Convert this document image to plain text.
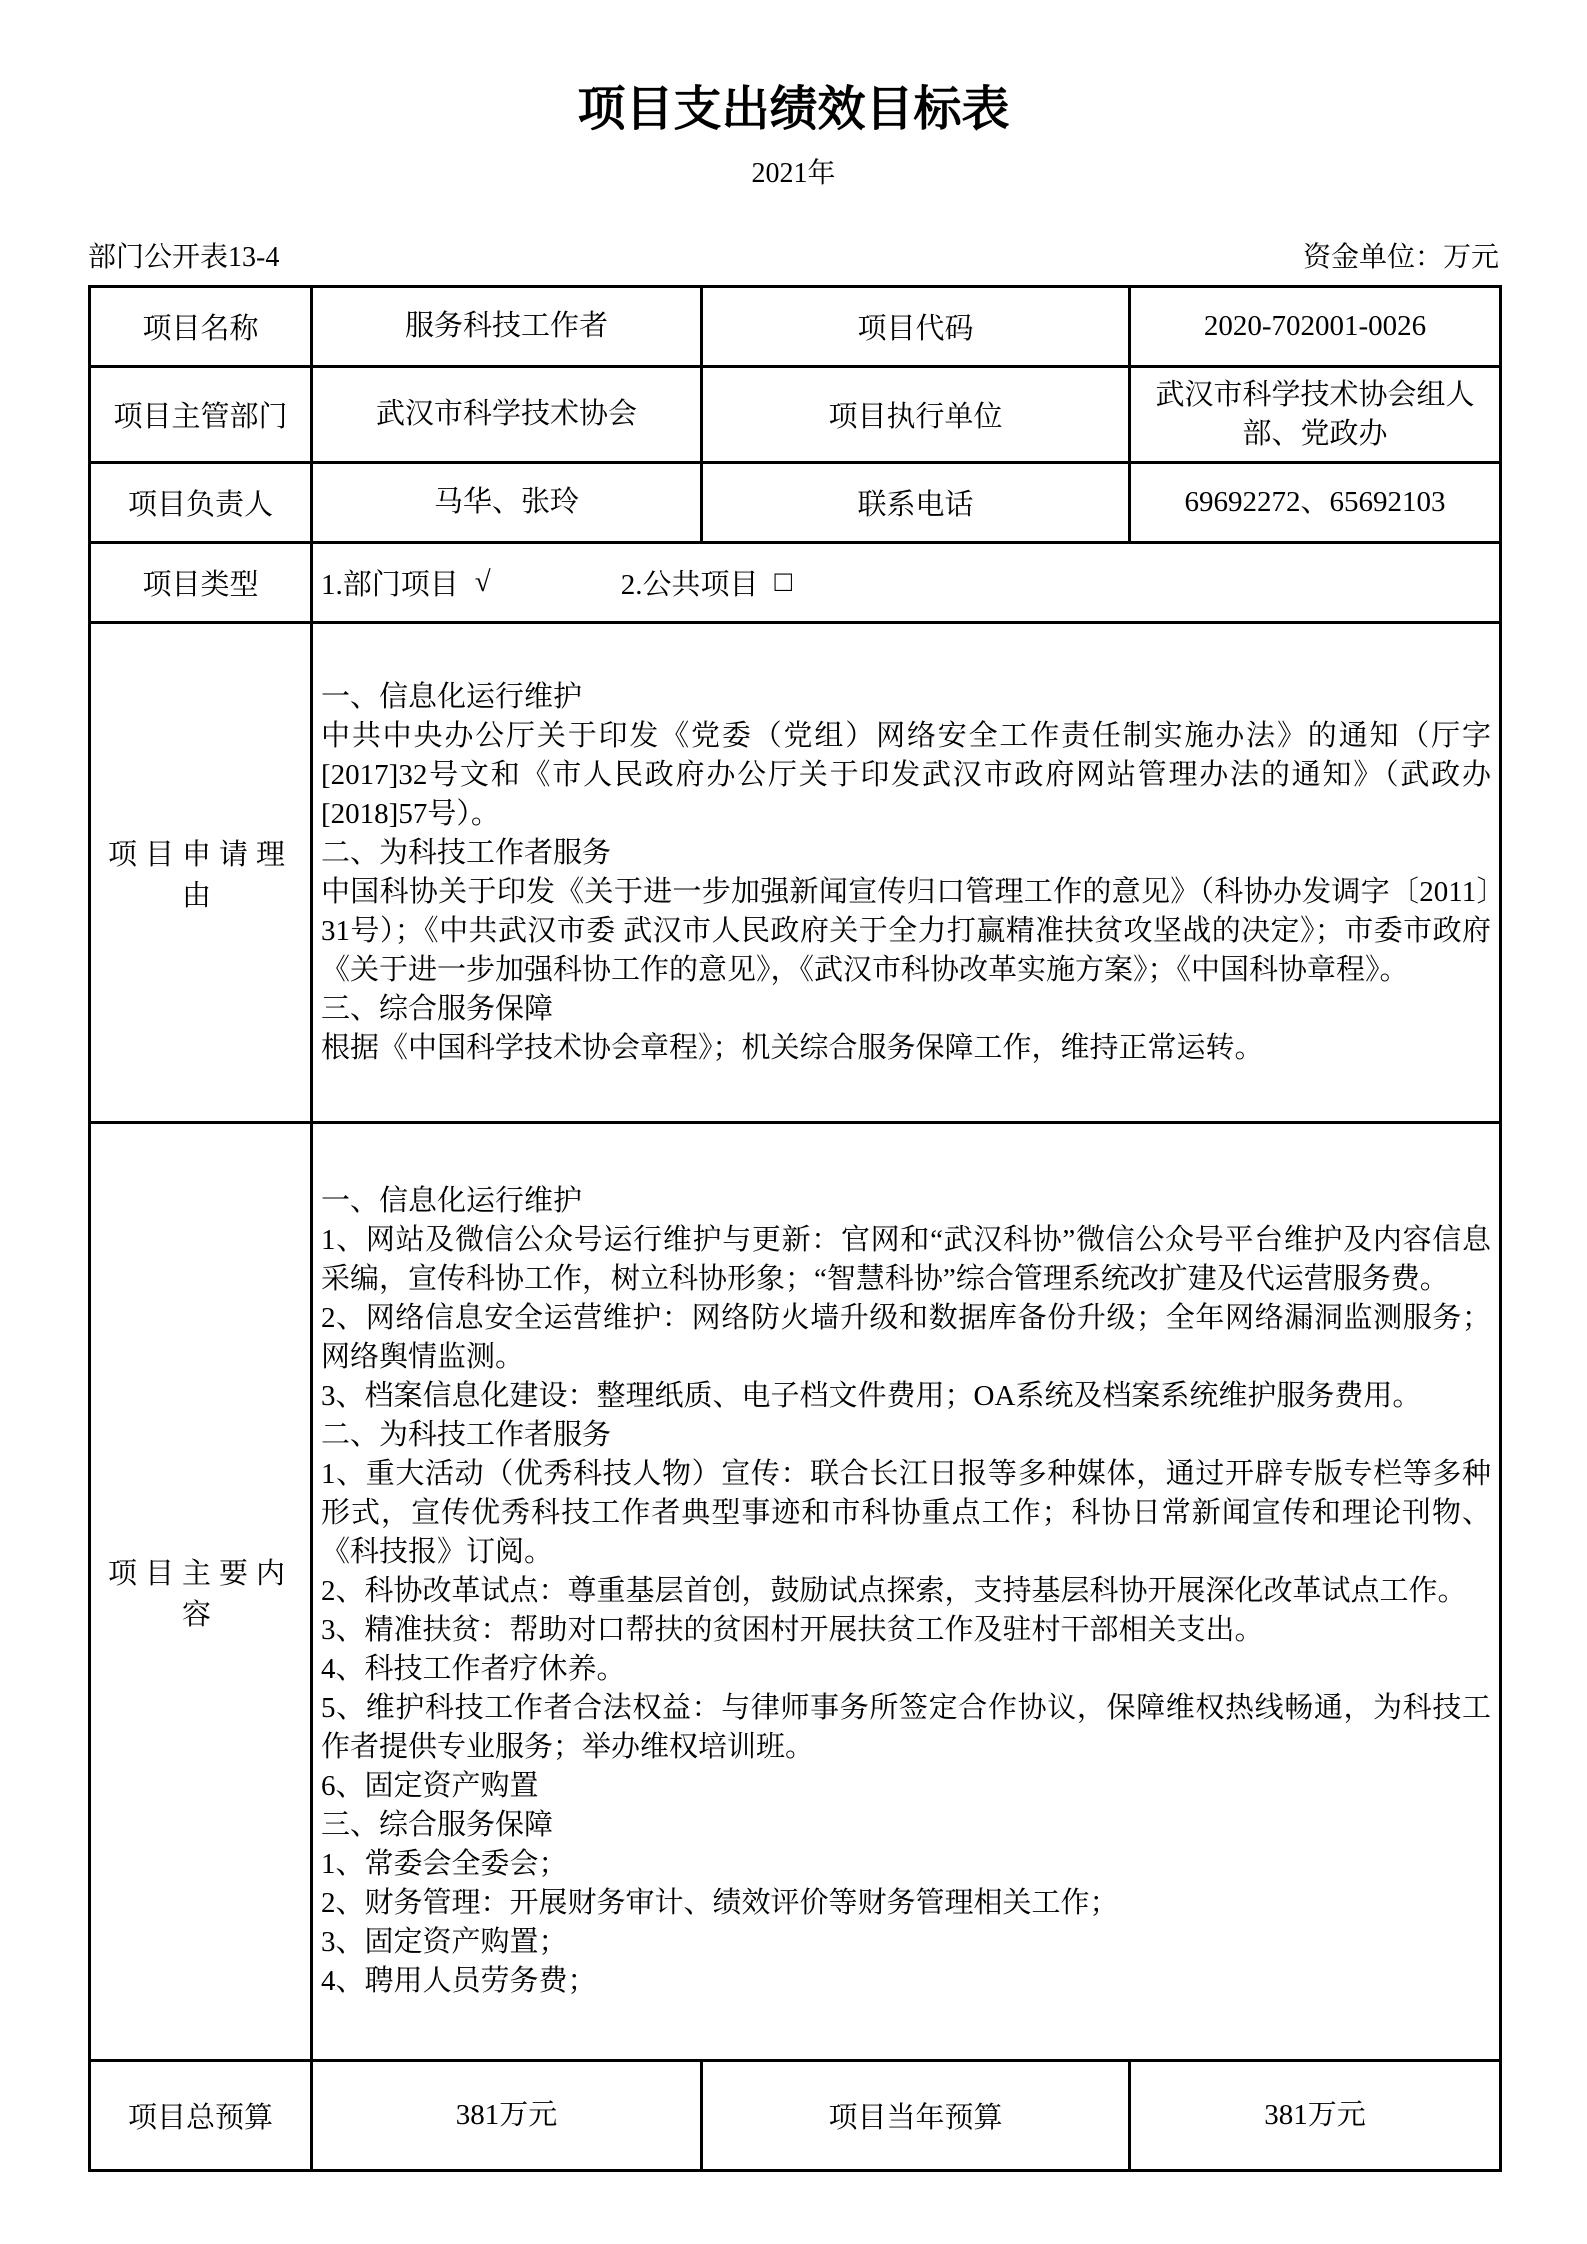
项目支出绩效目标表
2021年
部门公开表13-4	资金单位：万元
项目名称	服务科技工作者	项目代码	2020-702001-0026
项目主管部门	武汉市科学技术协会	项目执行单位	武汉市科学技术协会组人部、党政办
项目负责人	马华、张玲	联系电话	69692272、65692103
项目类型	1.部门项目 √ 2.公共项目 □		

项目申请理由	
一、信息化运行维护
中共中央办公厅关于印发《党委（党组）网络安全工作责任制实施办法》的通知（厅字[2017]32号文和《市人民政府办公厅关于印发武汉市政府网站管理办法的通知》（武政办[2018]57号）。
二、为科技工作者服务
中国科协关于印发《关于进一步加强新闻宣传归口管理工作的意见》（科协办发调字〔2011〕31号）；《中共武汉市委 武汉市人民政府关于全力打赢精准扶贫攻坚战的决定》；市委市政府《关于进一步加强科协工作的意见》，《武汉市科协改革实施方案》；《中国科协章程》。
三、综合服务保障
根据《中国科学技术协会章程》；机关综合服务保障工作，维持正常运转。

项目主要内容	
一、信息化运行维护
1、网站及微信公众号运行维护与更新：官网和“武汉科协”微信公众号平台维护及内容信息采编，宣传科协工作，树立科协形象；“智慧科协”综合管理系统改扩建及代运营服务费。
2、网络信息安全运营维护：网络防火墙升级和数据库备份升级；全年网络漏洞监测服务；网络舆情监测。
3、档案信息化建设：整理纸质、电子档文件费用；OA系统及档案系统维护服务费用。
二、为科技工作者服务
1、重大活动（优秀科技人物）宣传：联合长江日报等多种媒体，通过开辟专版专栏等多种形式，宣传优秀科技工作者典型事迹和市科协重点工作；科协日常新闻宣传和理论刊物、《科技报》订阅。
2、科协改革试点：尊重基层首创，鼓励试点探索，支持基层科协开展深化改革试点工作。
3、精准扶贫：帮助对口帮扶的贫困村开展扶贫工作及驻村干部相关支出。
4、科技工作者疗休养。
5、维护科技工作者合法权益：与律师事务所签定合作协议，保障维权热线畅通，为科技工作者提供专业服务；举办维权培训班。
6、固定资产购置
三、综合服务保障
1、常委会全委会；
2、财务管理：开展财务审计、绩效评价等财务管理相关工作；
3、固定资产购置；
4、聘用人员劳务费；

项目总预算	381万元	项目当年预算	381万元
